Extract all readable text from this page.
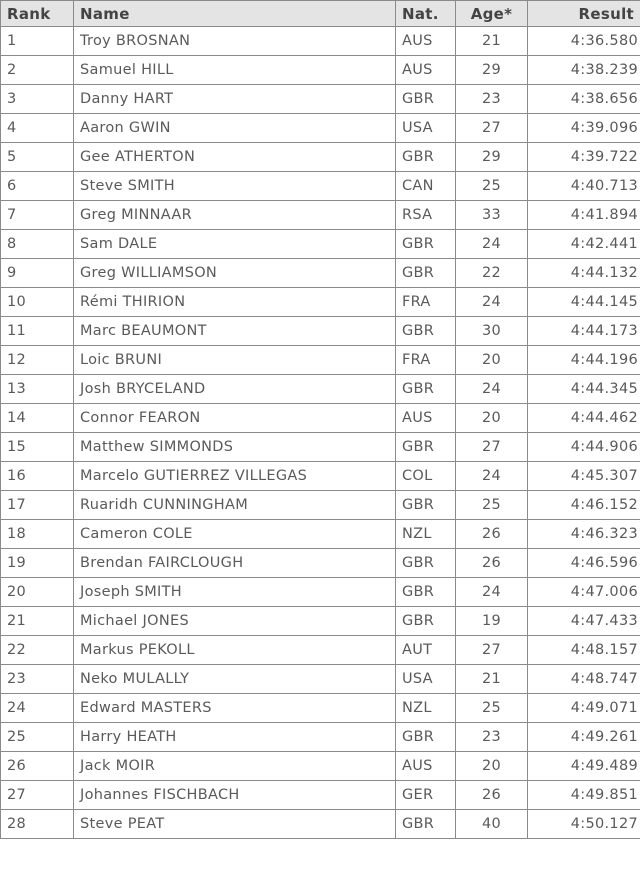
Rank	Name	Nat.	Age*	Result
1	Troy BROSNAN	AUS	21	4:36.580
2	Samuel HILL	AUS	29	4:38.239
3	Danny HART	GBR	23	4:38.656
4	Aaron GWIN	USA	27	4:39.096
5	Gee ATHERTON	GBR	29	4:39.722
6	Steve SMITH	CAN	25	4:40.713
7	Greg MINNAAR	RSA	33	4:41.894
8	Sam DALE	GBR	24	4:42.441
9	Greg WILLIAMSON	GBR	22	4:44.132
10	Rémi THIRION	FRA	24	4:44.145
11	Marc BEAUMONT	GBR	30	4:44.173
12	Loic BRUNI	FRA	20	4:44.196
13	Josh BRYCELAND	GBR	24	4:44.345
14	Connor FEARON	AUS	20	4:44.462
15	Matthew SIMMONDS	GBR	27	4:44.906
16	Marcelo GUTIERREZ VILLEGAS	COL	24	4:45.307
17	Ruaridh CUNNINGHAM	GBR	25	4:46.152
18	Cameron COLE	NZL	26	4:46.323
19	Brendan FAIRCLOUGH	GBR	26	4:46.596
20	Joseph SMITH	GBR	24	4:47.006
21	Michael JONES	GBR	19	4:47.433
22	Markus PEKOLL	AUT	27	4:48.157
23	Neko MULALLY	USA	21	4:48.747
24	Edward MASTERS	NZL	25	4:49.071
25	Harry HEATH	GBR	23	4:49.261
26	Jack MOIR	AUS	20	4:49.489
27	Johannes FISCHBACH	GER	26	4:49.851
28	Steve PEAT	GBR	40	4:50.127
